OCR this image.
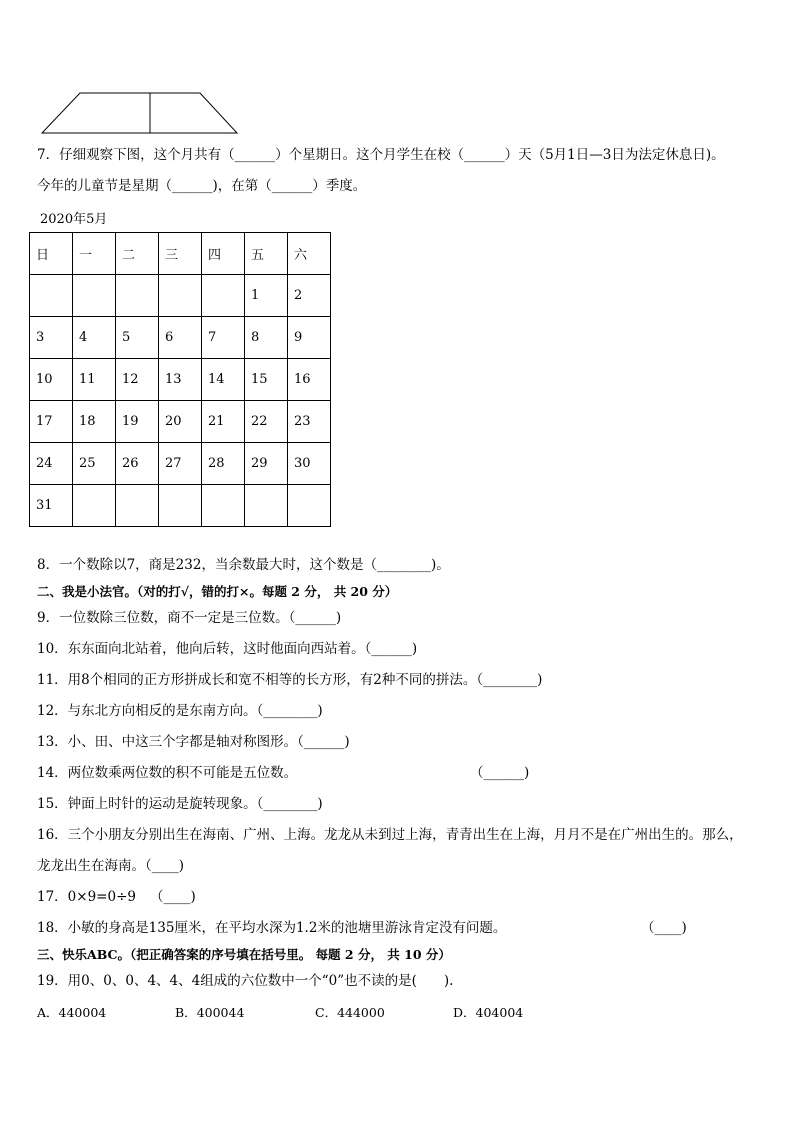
7．仔细观察下图，这个月共有（______）个星期日。这个月学生在校（______）天（5月1日—3日为法定休息日)。
今年的儿童节是星期（______)，在第（______）季度。
2020年5月
日	一	二	三	四	五	六
					1	2
3	4	5	6	7	8	9
10	11	12	13	14	15	16
17	18	19	20	21	22	23
24	25	26	27	28	29	30
31						
8．一个数除以7，商是232，当余数最大时，这个数是（________)。
二、我是小法官。（对的打√，错的打×。每题 2 分， 共 20 分）
9．一位数除三位数，商不一定是三位数。（______)
10．东东面向北站着，他向后转，这时他面向西站着。（______)
11．用8个相同的正方形拼成长和宽不相等的长方形，有2种不同的拼法。（________)
12．与东北方向相反的是东南方向。（________)
13．小、田、中这三个字都是轴对称图形。（______)
14．两位数乘两位数的积不可能是五位数。	（______)
15．钟面上时针的运动是旋转现象。（________)
16．三个小朋友分别出生在海南、广州、上海。龙龙从未到过上海，青青出生在上海，月月不是在广州出生的。那么，
龙龙出生在海南。（____)
17．0×9=0÷9 （____)
18．小敏的身高是135厘米，在平均水深为1.2米的池塘里游泳肯定没有问题。	（____)
三、快乐ABC。（把正确答案的序号填在括号里。 每题 2 分， 共 10 分）
19．用0、0、0、4、4、4组成的六位数中一个“0”也不读的是(　　).
A．440004	B．400044	C．444000	D．404004
